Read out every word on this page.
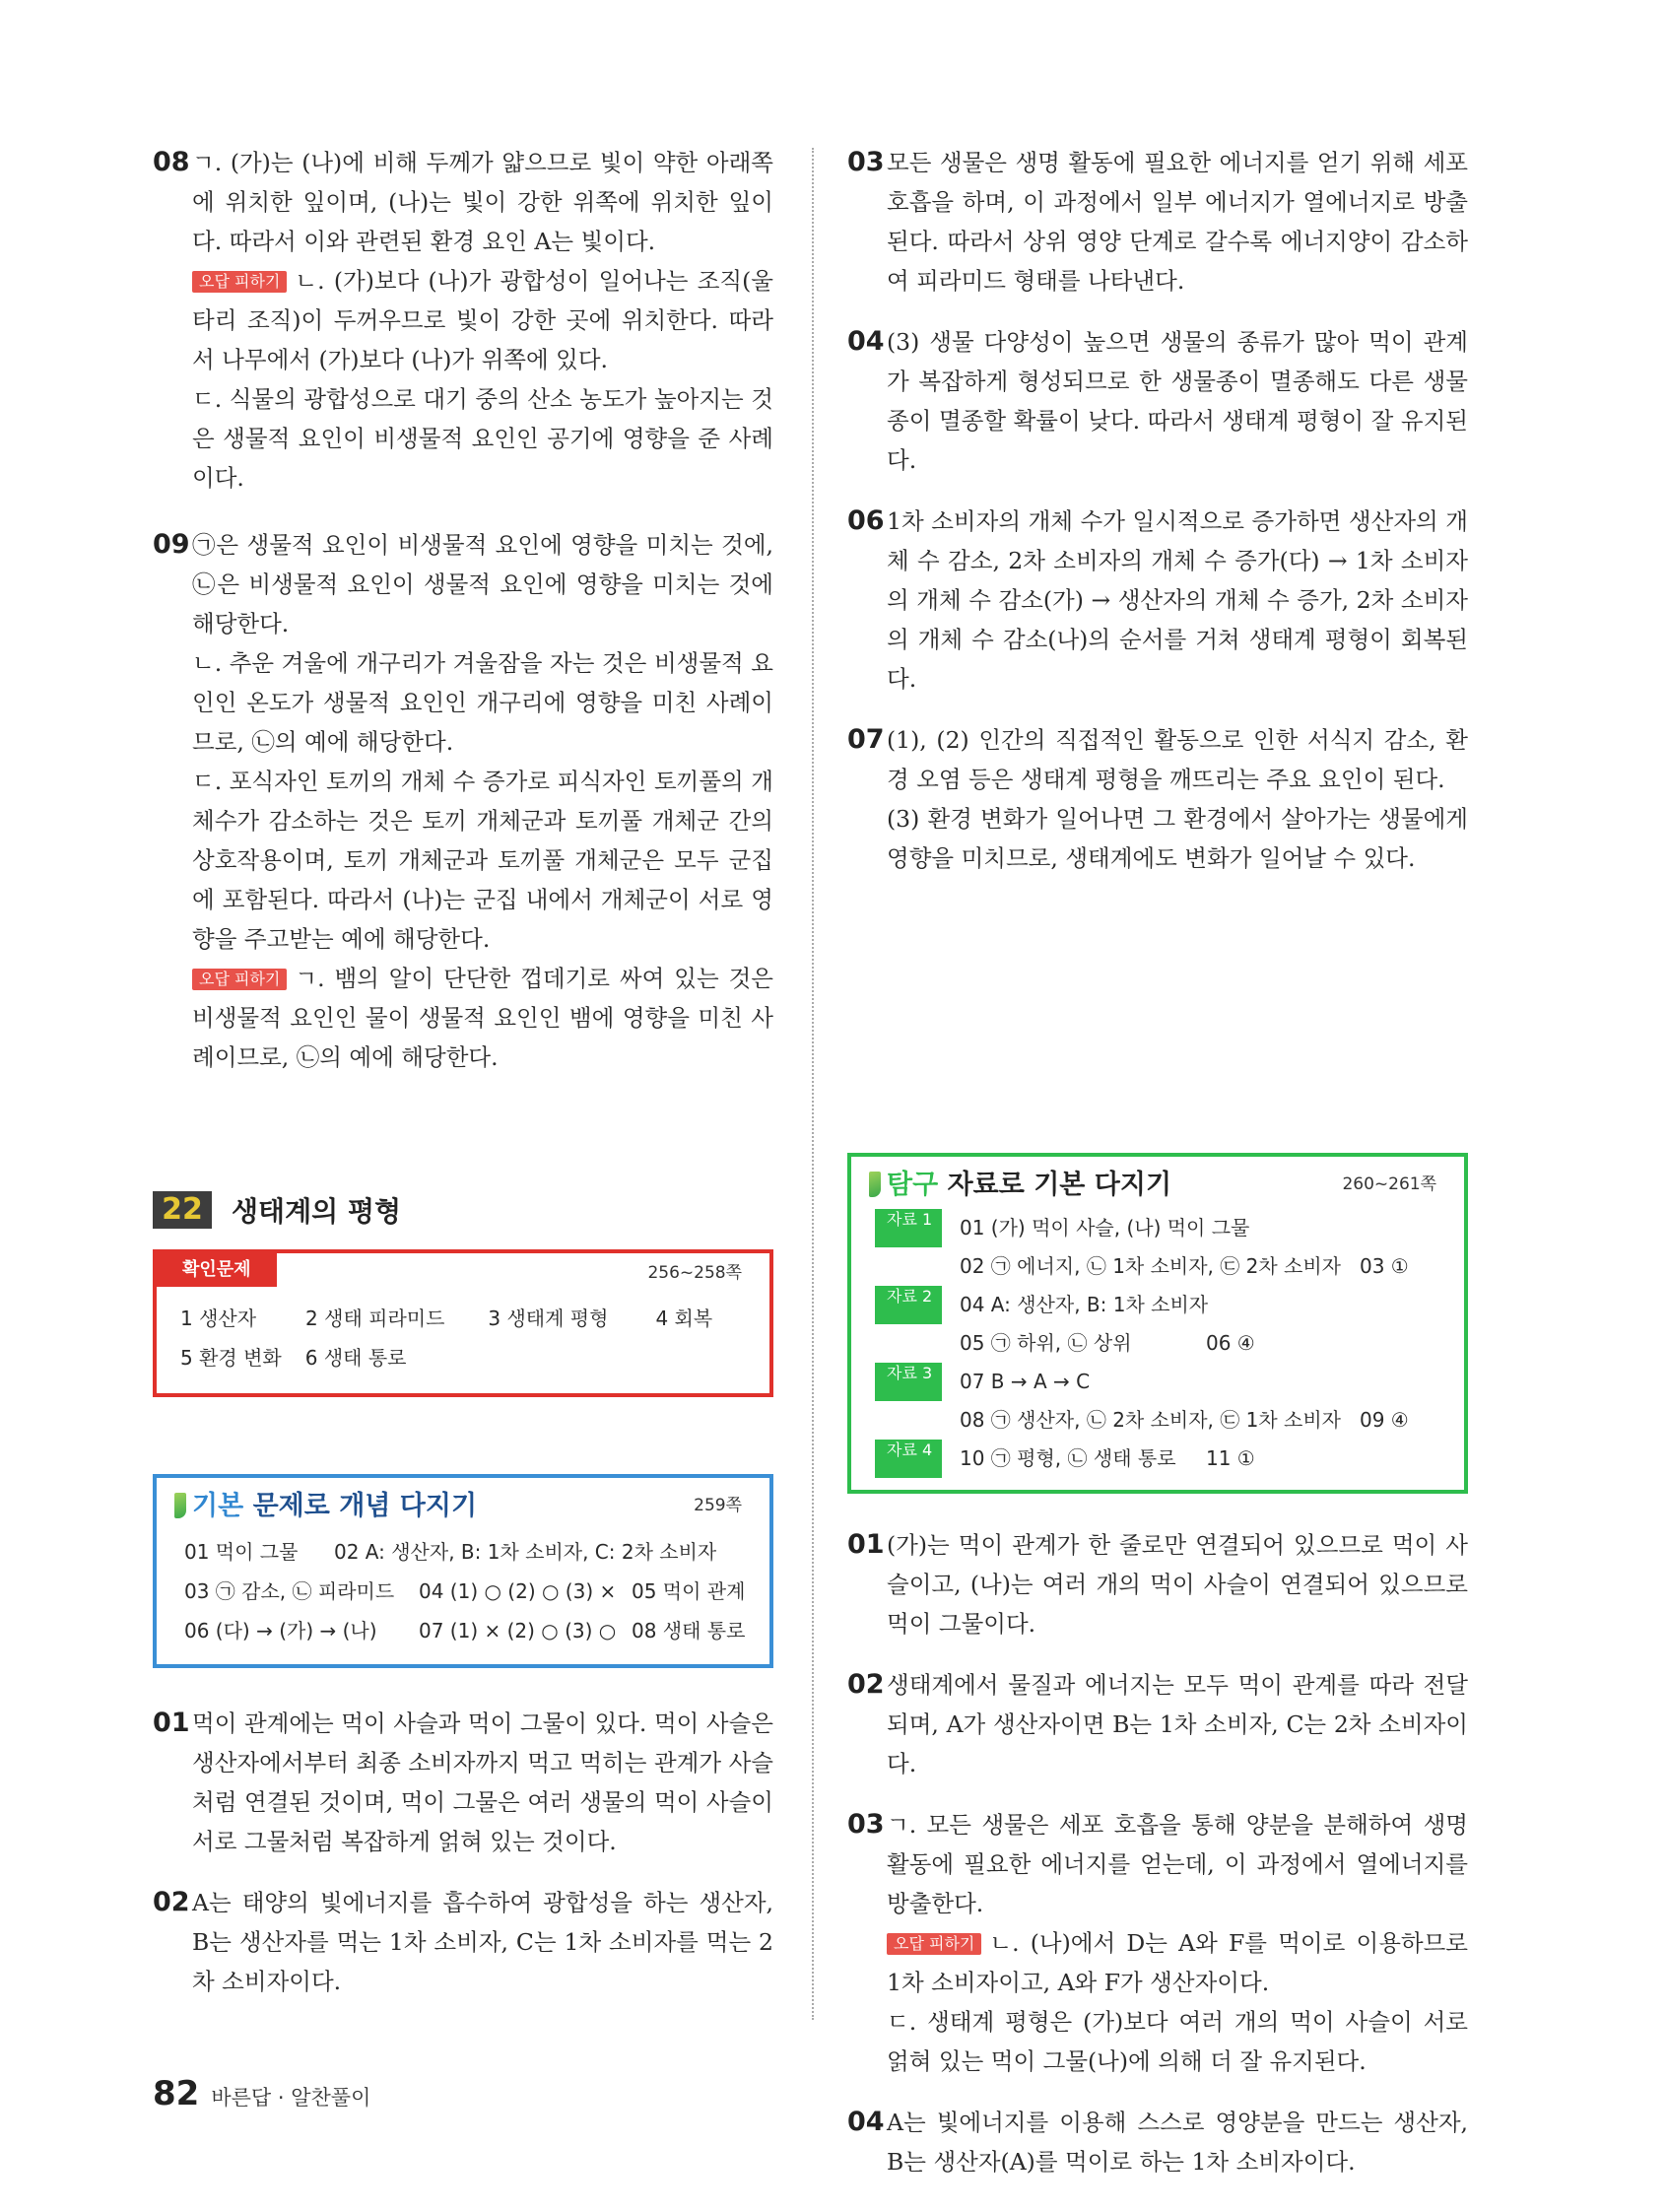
08 ㄱ. (가)는 (나)에 비해 두께가 얇으므로 빛이 약한 아래쪽에 위치한 잎이며, (나)는 빛이 강한 위쪽에 위치한 잎이다. 따라서 이와 관련된 환경 요인 A는 빛이다.

오답 피하기 ㄴ. (가)보다 (나)가 광합성이 일어나는 조직(울타리 조직)이 두꺼우므로 빛이 강한 곳에 위치한다. 따라서 나무에서 (가)보다 (나)가 위쪽에 있다.

ㄷ. 식물의 광합성으로 대기 중의 산소 농도가 높아지는 것은 생물적 요인이 비생물적 요인인 공기에 영향을 준 사례이다.

09 ㉠은 생물적 요인이 비생물적 요인에 영향을 미치는 것에, ㉡은 비생물적 요인이 생물적 요인에 영향을 미치는 것에 해당한다.

ㄴ. 추운 겨울에 개구리가 겨울잠을 자는 것은 비생물적 요인인 온도가 생물적 요인인 개구리에 영향을 미친 사례이므로, ㉡의 예에 해당한다.

ㄷ. 포식자인 토끼의 개체 수 증가로 피식자인 토끼풀의 개체수가 감소하는 것은 토끼 개체군과 토끼풀 개체군 간의 상호작용이며, 토끼 개체군과 토끼풀 개체군은 모두 군집에 포함된다. 따라서 (나)는 군집 내에서 개체군이 서로 영향을 주고받는 예에 해당한다.

오답 피하기 ㄱ. 뱀의 알이 단단한 껍데기로 싸여 있는 것은 비생물적 요인인 물이 생물적 요인인 뱀에 영향을 미친 사례이므로, ㉡의 예에 해당한다.

22	생태계의 평형
확인문제	256~258쪽
1 생산자	2 생태 피라미드 3 생태계 평형 4 회복
5 환경 변화 6 생태 통로
기본 문제로 개념 다지기	259쪽
01 먹이 그물	02 A: 생산자, B: 1차 소비자, C: 2차 소비자
03 ㉠ 감소, ㉡ 피라미드	04 (1) ○ (2) ○ (3) × 05 먹이 관계
06 (다) → (가) → (나)	07 (1) × (2) ○ (3) ○ 08 생태 통로
01 먹이 관계에는 먹이 사슬과 먹이 그물이 있다. 먹이 사슬은 생산자에서부터 최종 소비자까지 먹고 먹히는 관계가 사슬처럼 연결된 것이며, 먹이 그물은 여러 생물의 먹이 사슬이 서로 그물처럼 복잡하게 얽혀 있는 것이다.

02 A는 태양의 빛에너지를 흡수하여 광합성을 하는 생산자, B는 생산자를 먹는 1차 소비자, C는 1차 소비자를 먹는 2차 소비자이다.

03 모든 생물은 생명 활동에 필요한 에너지를 얻기 위해 세포 호흡을 하며, 이 과정에서 일부 에너지가 열에너지로 방출된다. 따라서 상위 영양 단계로 갈수록 에너지양이 감소하여 피라미드 형태를 나타낸다.

04 (3) 생물 다양성이 높으면 생물의 종류가 많아 먹이 관계가 복잡하게 형성되므로 한 생물종이 멸종해도 다른 생물종이 멸종할 확률이 낮다. 따라서 생태계 평형이 잘 유지된다.

06 1차 소비자의 개체 수가 일시적으로 증가하면 생산자의 개체 수 감소, 2차 소비자의 개체 수 증가(다) → 1차 소비자의 개체 수 감소(가) → 생산자의 개체 수 증가, 2차 소비자의 개체 수 감소(나)의 순서를 거쳐 생태계 평형이 회복된다.

07 (1), (2) 인간의 직접적인 활동으로 인한 서식지 감소, 환경 오염 등은 생태계 평형을 깨뜨리는 주요 요인이 된다.

(3) 환경 변화가 일어나면 그 환경에서 살아가는 생물에게 영향을 미치므로, 생태계에도 변화가 일어날 수 있다.

탐구 자료로 기본 다지기	260~261쪽
자료 1	01 (가) 먹이 사슬, (나) 먹이 그물
02 ㉠ 에너지, ㉡ 1차 소비자, ㉢ 2차 소비자 03 ①
자료 2	04 A: 생산자, B: 1차 소비자
05 ㉠ 하위, ㉡ 상위	06 ④
자료 3	07 B → A → C
08 ㉠ 생산자, ㉡ 2차 소비자, ㉢ 1차 소비자 09 ④
자료 4	10 ㉠ 평형, ㉡ 생태 통로	11 ①
01 (가)는 먹이 관계가 한 줄로만 연결되어 있으므로 먹이 사슬이고, (나)는 여러 개의 먹이 사슬이 연결되어 있으므로 먹이 그물이다.

02 생태계에서 물질과 에너지는 모두 먹이 관계를 따라 전달되며, A가 생산자이면 B는 1차 소비자, C는 2차 소비자이다.

03 ㄱ. 모든 생물은 세포 호흡을 통해 양분을 분해하여 생명 활동에 필요한 에너지를 얻는데, 이 과정에서 열에너지를 방출한다.

오답 피하기 ㄴ. (나)에서 D는 A와 F를 먹이로 이용하므로 1차 소비자이고, A와 F가 생산자이다.

ㄷ. 생태계 평형은 (가)보다 여러 개의 먹이 사슬이 서로 얽혀 있는 먹이 그물(나)에 의해 더 잘 유지된다.

04 A는 빛에너지를 이용해 스스로 영양분을 만드는 생산자, B는 생산자(A)를 먹이로 하는 1차 소비자이다.

82 바른답 · 알찬풀이
